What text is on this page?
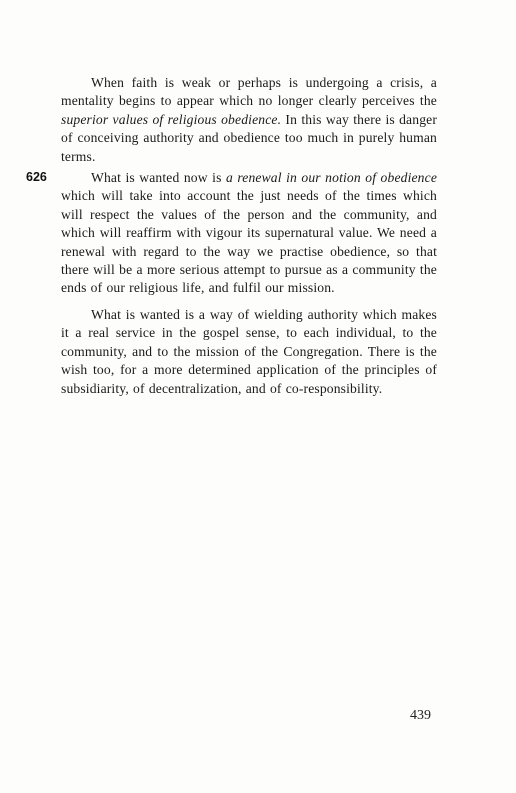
When faith is weak or perhaps is undergoing a crisis, a mentality begins to appear which no longer clearly perceives the superior values of religious obedience. In this way there is danger of conceiving authority and obedience too much in purely human terms.

626	What is wanted now is a renewal in our notion of obedience which will take into account the just needs of the times which will respect the values of the person and the community, and which will reaffirm with vigour its supernatural value. We need a renewal with regard to the way we practise obedience, so that there will be a more serious attempt to pursue as a community the ends of our religious life, and fulfil our mission.

What is wanted is a way of wielding authority which makes it a real service in the gospel sense, to each individual, to the community, and to the mission of the Congregation. There is the wish too, for a more determined application of the principles of subsidiarity, of decentralization, and of co-responsibility.

439
